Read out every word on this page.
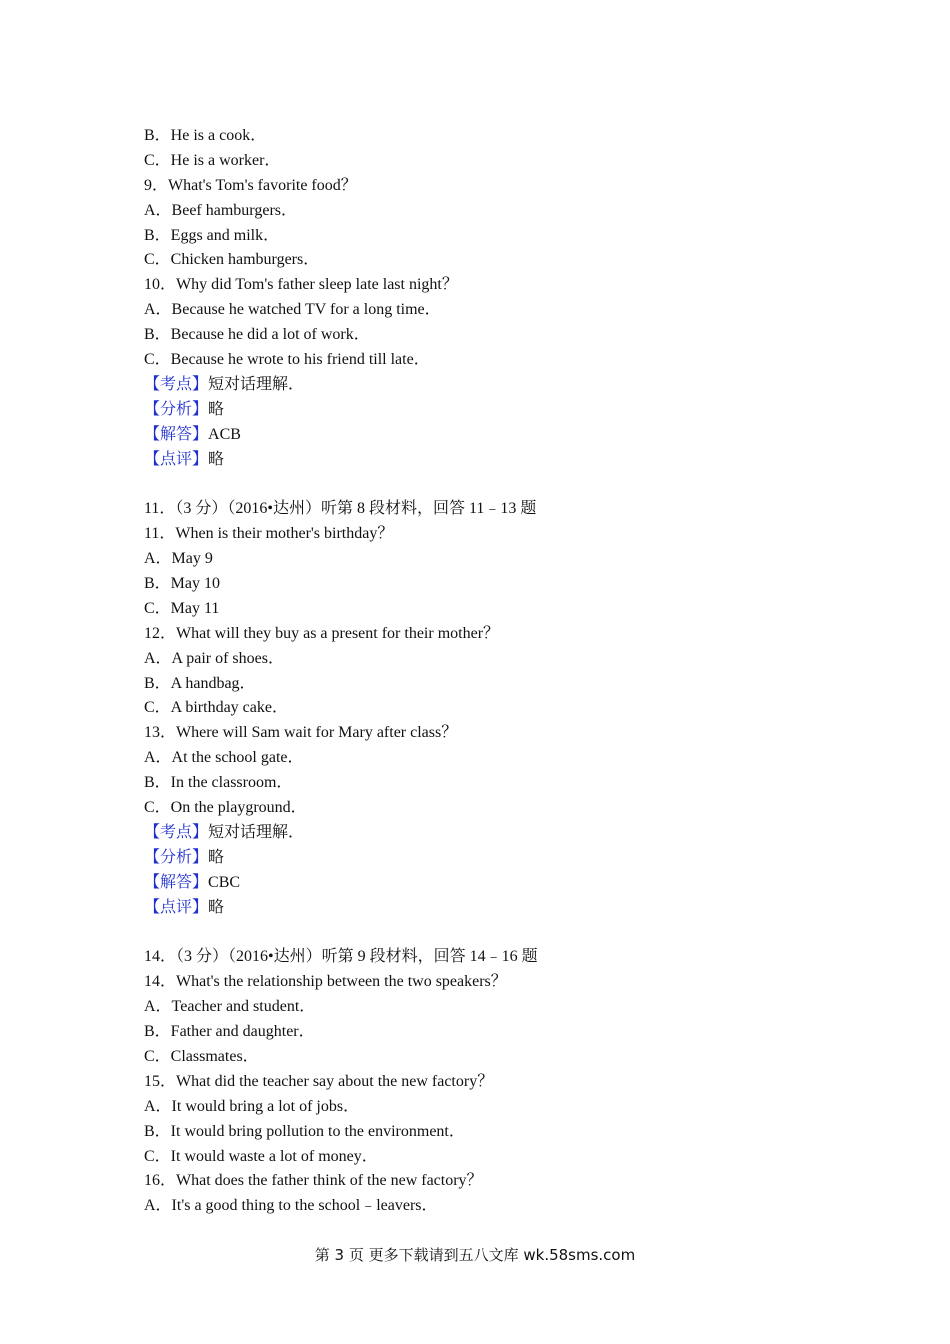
B．He is a cook．
C．He is a worker．
9．What's Tom's favorite food？
A．Beef hamburgers．
B．Eggs and milk．
C．Chicken hamburgers．
10．Why did Tom's father sleep late last night？
A．Because he watched TV for a long time．
B．Because he did a lot of work．
C．Because he wrote to his friend till late．
【考点】短对话理解．
【分析】略
【解答】ACB
【点评】略
11．（3 分）（2016•达州）听第 8 段材料，回答 11﹣13 题
11．When is their mother's birthday？
A．May 9
B．May 10
C．May 11
12．What will they buy as a present for their mother？
A．A pair of shoes．
B．A handbag．
C．A birthday cake．
13．Where will Sam wait for Mary after class？
A．At the school gate．
B．In the classroom．
C．On the playground．
【考点】短对话理解．
【分析】略
【解答】CBC
【点评】略
14．（3 分）（2016•达州）听第 9 段材料，回答 14﹣16 题
14．What's the relationship between the two speakers？
A．Teacher and student．
B．Father and daughter．
C．Classmates．
15．What did the teacher say about the new factory？
A．It would bring a lot of jobs．
B．It would bring pollution to the environment．
C．It would waste a lot of money．
16．What does the father think of the new factory？
A．It's a good thing to the school﹣leavers．
第 3 页 更多下载请到五八文库 wk.58sms.com
